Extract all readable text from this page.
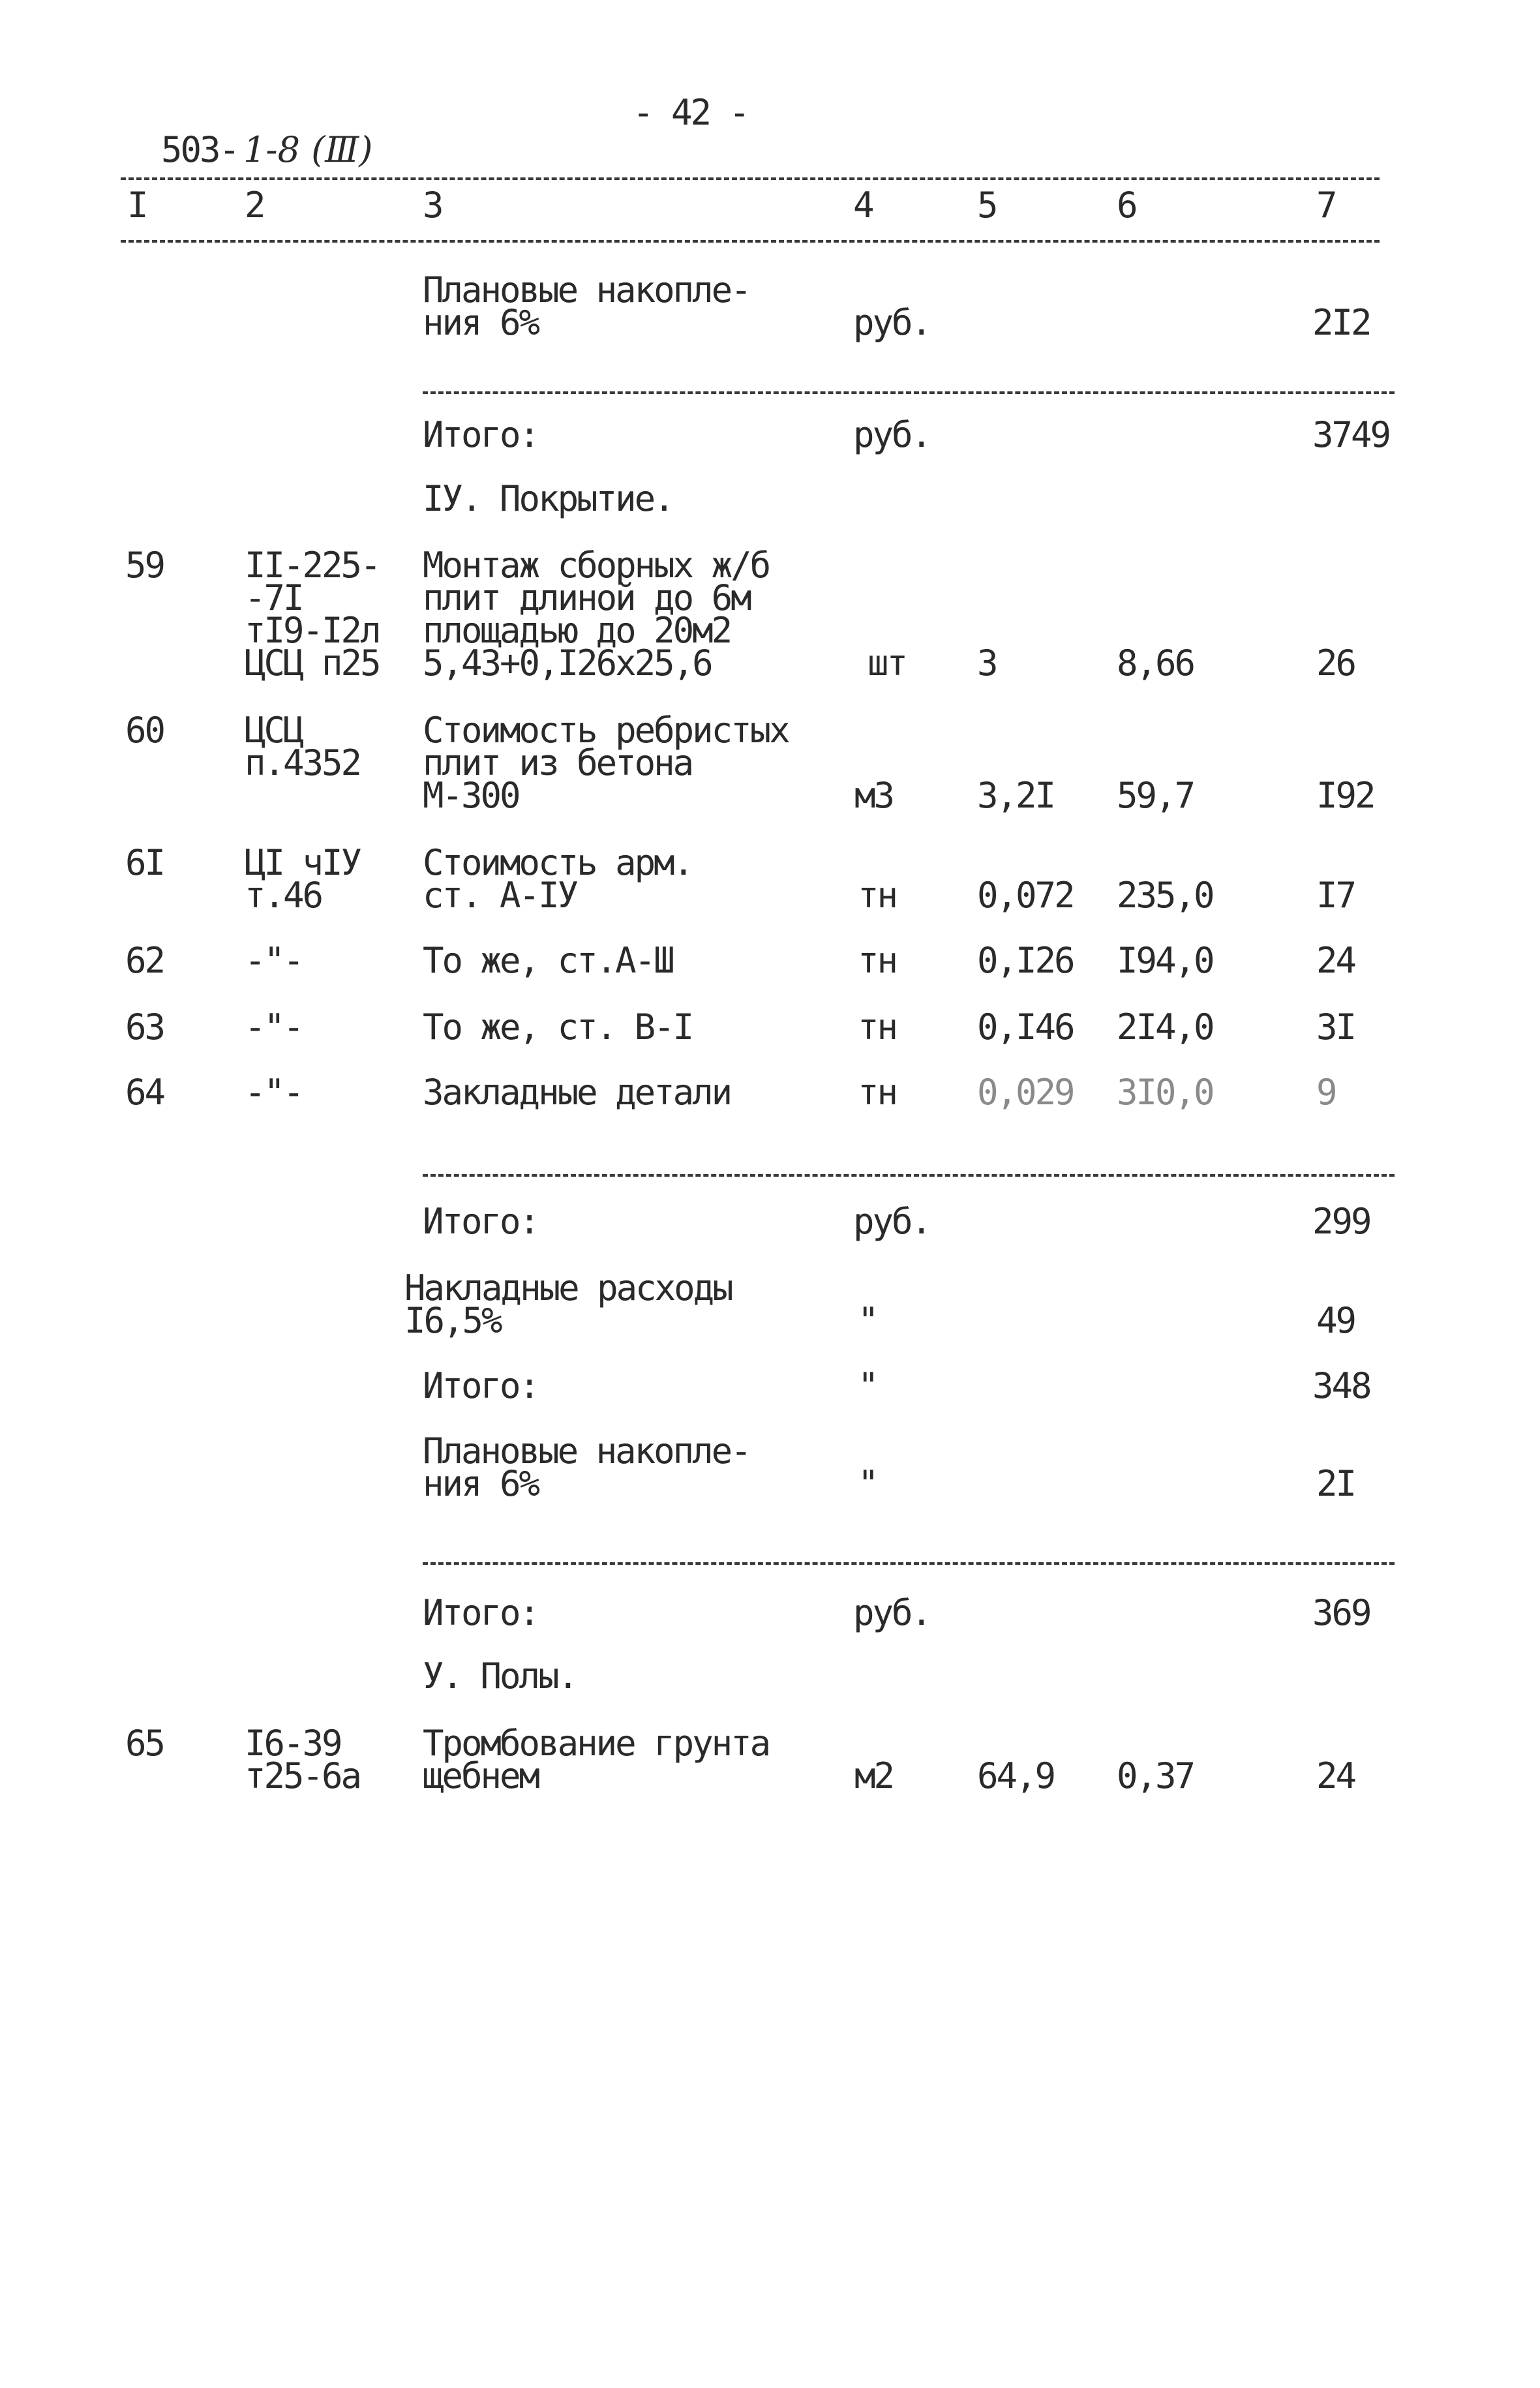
503- 1-8 (Ⅲ)

- 42 -
I	2	3	4	5	6	7
Плановые накопле-
ния 6%	руб.	2I2
Итого:	руб.	3749
IУ. Покрытие.
59 II-225-
-7I
тI9-I2л
ЦСЦ п25
Монтаж сборных ж/б
плит длиной до 6м
площадью до 20м2
5,43+0,I26х25,6	шт 3	8,66	26
60 ЦСЦ
п.4352
Стоимость ребристых
плит из бетона
М-300	м3 3,2I 59,7	I92
6I ЦI чIУ
т.46
Стоимость арм.
ст. А-IУ	тн 0,072 235,0	I7
62 -"-	То же, ст.А-Ш	тн 0,I26 I94,0	24
63 -"-	То же, ст. В-I	тн 0,I46 2I4,0	3I
64 -"-	Закладные детали	тн 0,029 3I0,0	9
Итого:	руб.	299
Накладные расходы
I6,5%	"	49
Итого:	"	348
Плановые накопле-
ния 6%	"	2I
Итого:	руб.	369
У. Полы.
65 I6-39
т25-6а
Тромбование грунта
щебнем	м2 64,9 0,37	24
